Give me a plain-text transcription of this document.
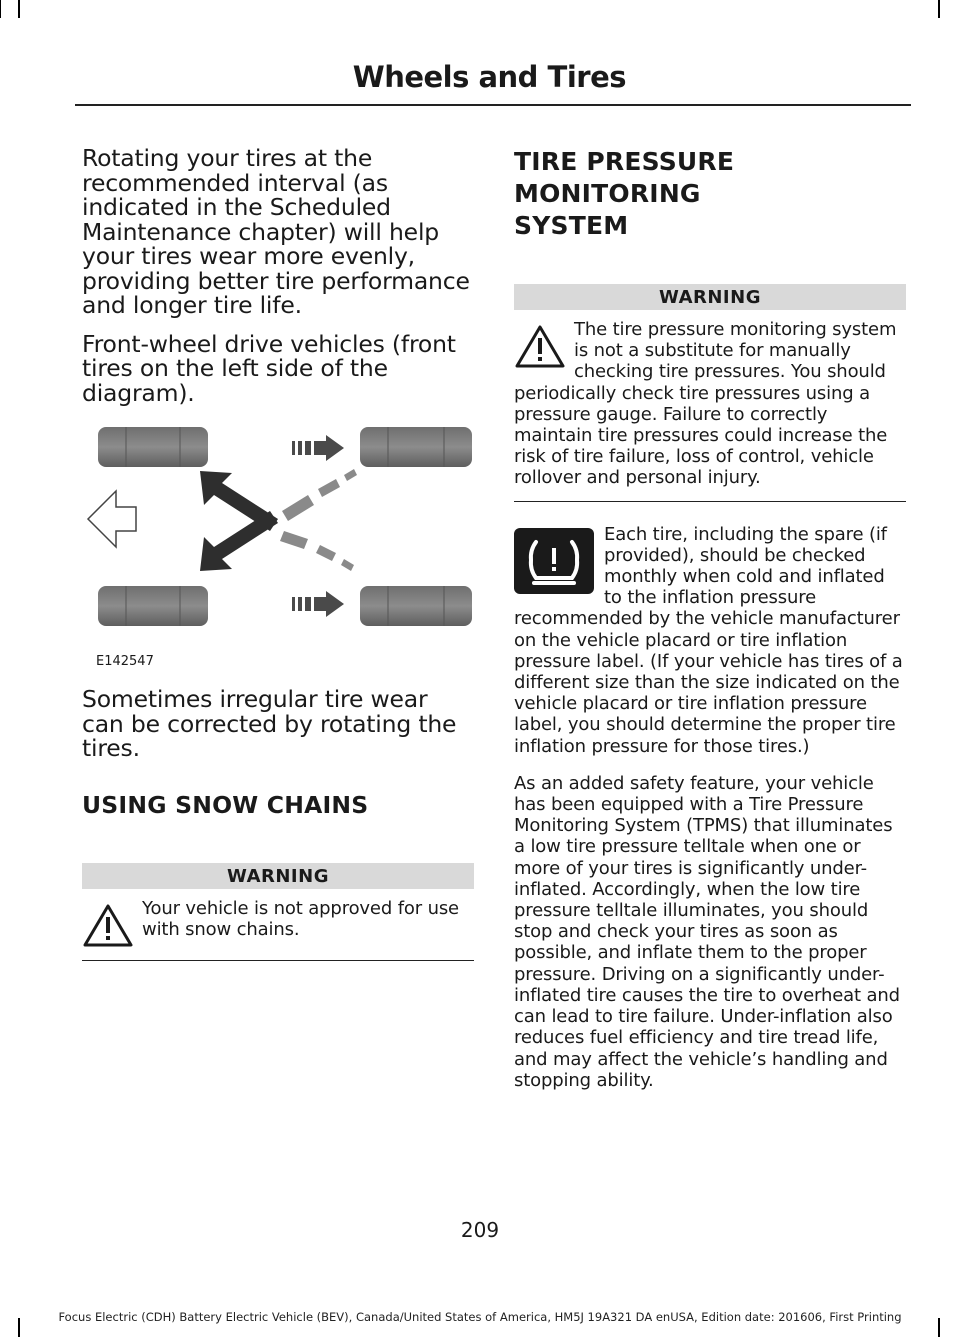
Wheels and Tires

Rotating your tires at the recommended interval (as indicated in the Scheduled Maintenance chapter) will help your tires wear more evenly, providing better tire performance and longer tire life.

Front-wheel drive vehicles (front tires on the left side of the diagram).

E142547

Sometimes irregular tire wear can be corrected by rotating the tires.

USING SNOW CHAINS
WARNING
Your vehicle is not approved for use with snow chains.
TIRE PRESSURE MONITORING
SYSTEM
WARNING
The tire pressure monitoring system is not a substitute for manually checking tire pressures. You should periodically check tire pressures using a pressure gauge. Failure to correctly maintain tire pressures could increase the risk of tire failure, loss of control, vehicle rollover and personal injury.
Each tire, including the spare (if provided), should be checked monthly when cold and inflated to the inflation pressure recommended by the vehicle manufacturer on the vehicle placard or tire inflation pressure label. (If your vehicle has tires of a different size than the size indicated on the vehicle placard or tire inflation pressure label, you should determine the proper tire inflation pressure for those tires.)

As an added safety feature, your vehicle has been equipped with a Tire Pressure Monitoring System (TPMS) that illuminates a low tire pressure telltale when one or more of your tires is significantly under-inflated. Accordingly, when the low tire pressure telltale illuminates, you should stop and check your tires as soon as possible, and inflate them to the proper pressure. Driving on a significantly under-inflated tire causes the tire to overheat and can lead to tire failure. Under-inflation also reduces fuel efficiency and tire tread life, and may affect the vehicle’s handling and stopping ability.

209
Focus Electric (CDH) Battery Electric Vehicle (BEV), Canada/United States of America, HM5J 19A321 DA enUSA, Edition date: 201606, First Printing
